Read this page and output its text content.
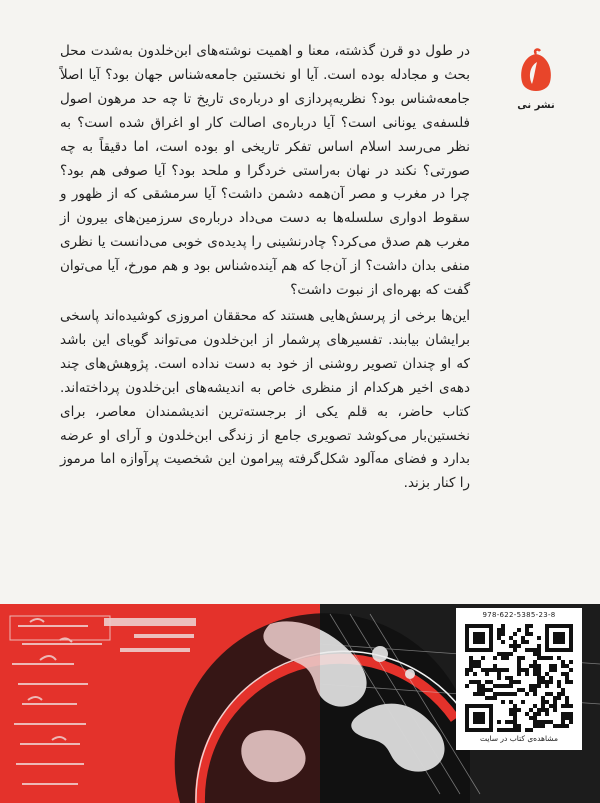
نشر نی

در طول دو قرن گذشته، معنا و اهمیت نوشته‌های ابن‌خلدون به‌شدت محل بحث و مجادله بوده است. آیا او نخستین جامعه‌شناس جهان بود؟ آیا اصلاً جامعه‌شناس بود؟ نظریه‌پردازی او درباره‌ی تاریخ تا چه حد مرهون اصول فلسفه‌ی یونانی است؟ آیا درباره‌ی اصالت کار او اغراق شده است؟ به نظر می‌رسد اسلام اساس تفکر تاریخی او بوده است، اما دقیقاً به چه صورتی؟ نکند در نهان به‌راستی خردگرا و ملحد بود؟ آیا صوفی هم بود؟ چرا در مغرب و مصر آن‌همه دشمن داشت؟ آیا سرمشقی که از ظهور و سقوط ادواری سلسله‌ها به دست می‌داد درباره‌ی سرزمین‌های بیرون از مغرب هم صدق می‌کرد؟ چادرنشینی را پدیده‌ی خوبی می‌دانست یا نظری منفی بدان داشت؟ از آن‌جا که هم آینده‌شناس بود و هم مورخ، آیا می‌توان گفت که بهره‌ای از نبوت داشت؟

این‌ها برخی از پرسش‌هایی هستند که محققان امروزی کوشیده‌اند پاسخی برایشان بیابند. تفسیرهای پرشمار از ابن‌خلدون می‌تواند گویای این باشد که او چندان تصویر روشنی از خود به دست نداده است. پژوهش‌های چند دهه‌ی اخیر هرکدام از منظری خاص به اندیشه‌های ابن‌خلدون پرداخته‌اند. کتاب حاضر، به قلم یکی از برجسته‌ترین اندیشمندان معاصر، برای نخستین‌بار می‌کوشد تصویری جامع از زندگی ابن‌خلدون و آرای او عرضه بدارد و فضای مه‌آلود شکل‌گرفته پیرامون این شخصیت پرآوازه اما مرموز را کنار بزند.

978-622-5385-23-8
مشاهده‌ی کتاب در سایت
